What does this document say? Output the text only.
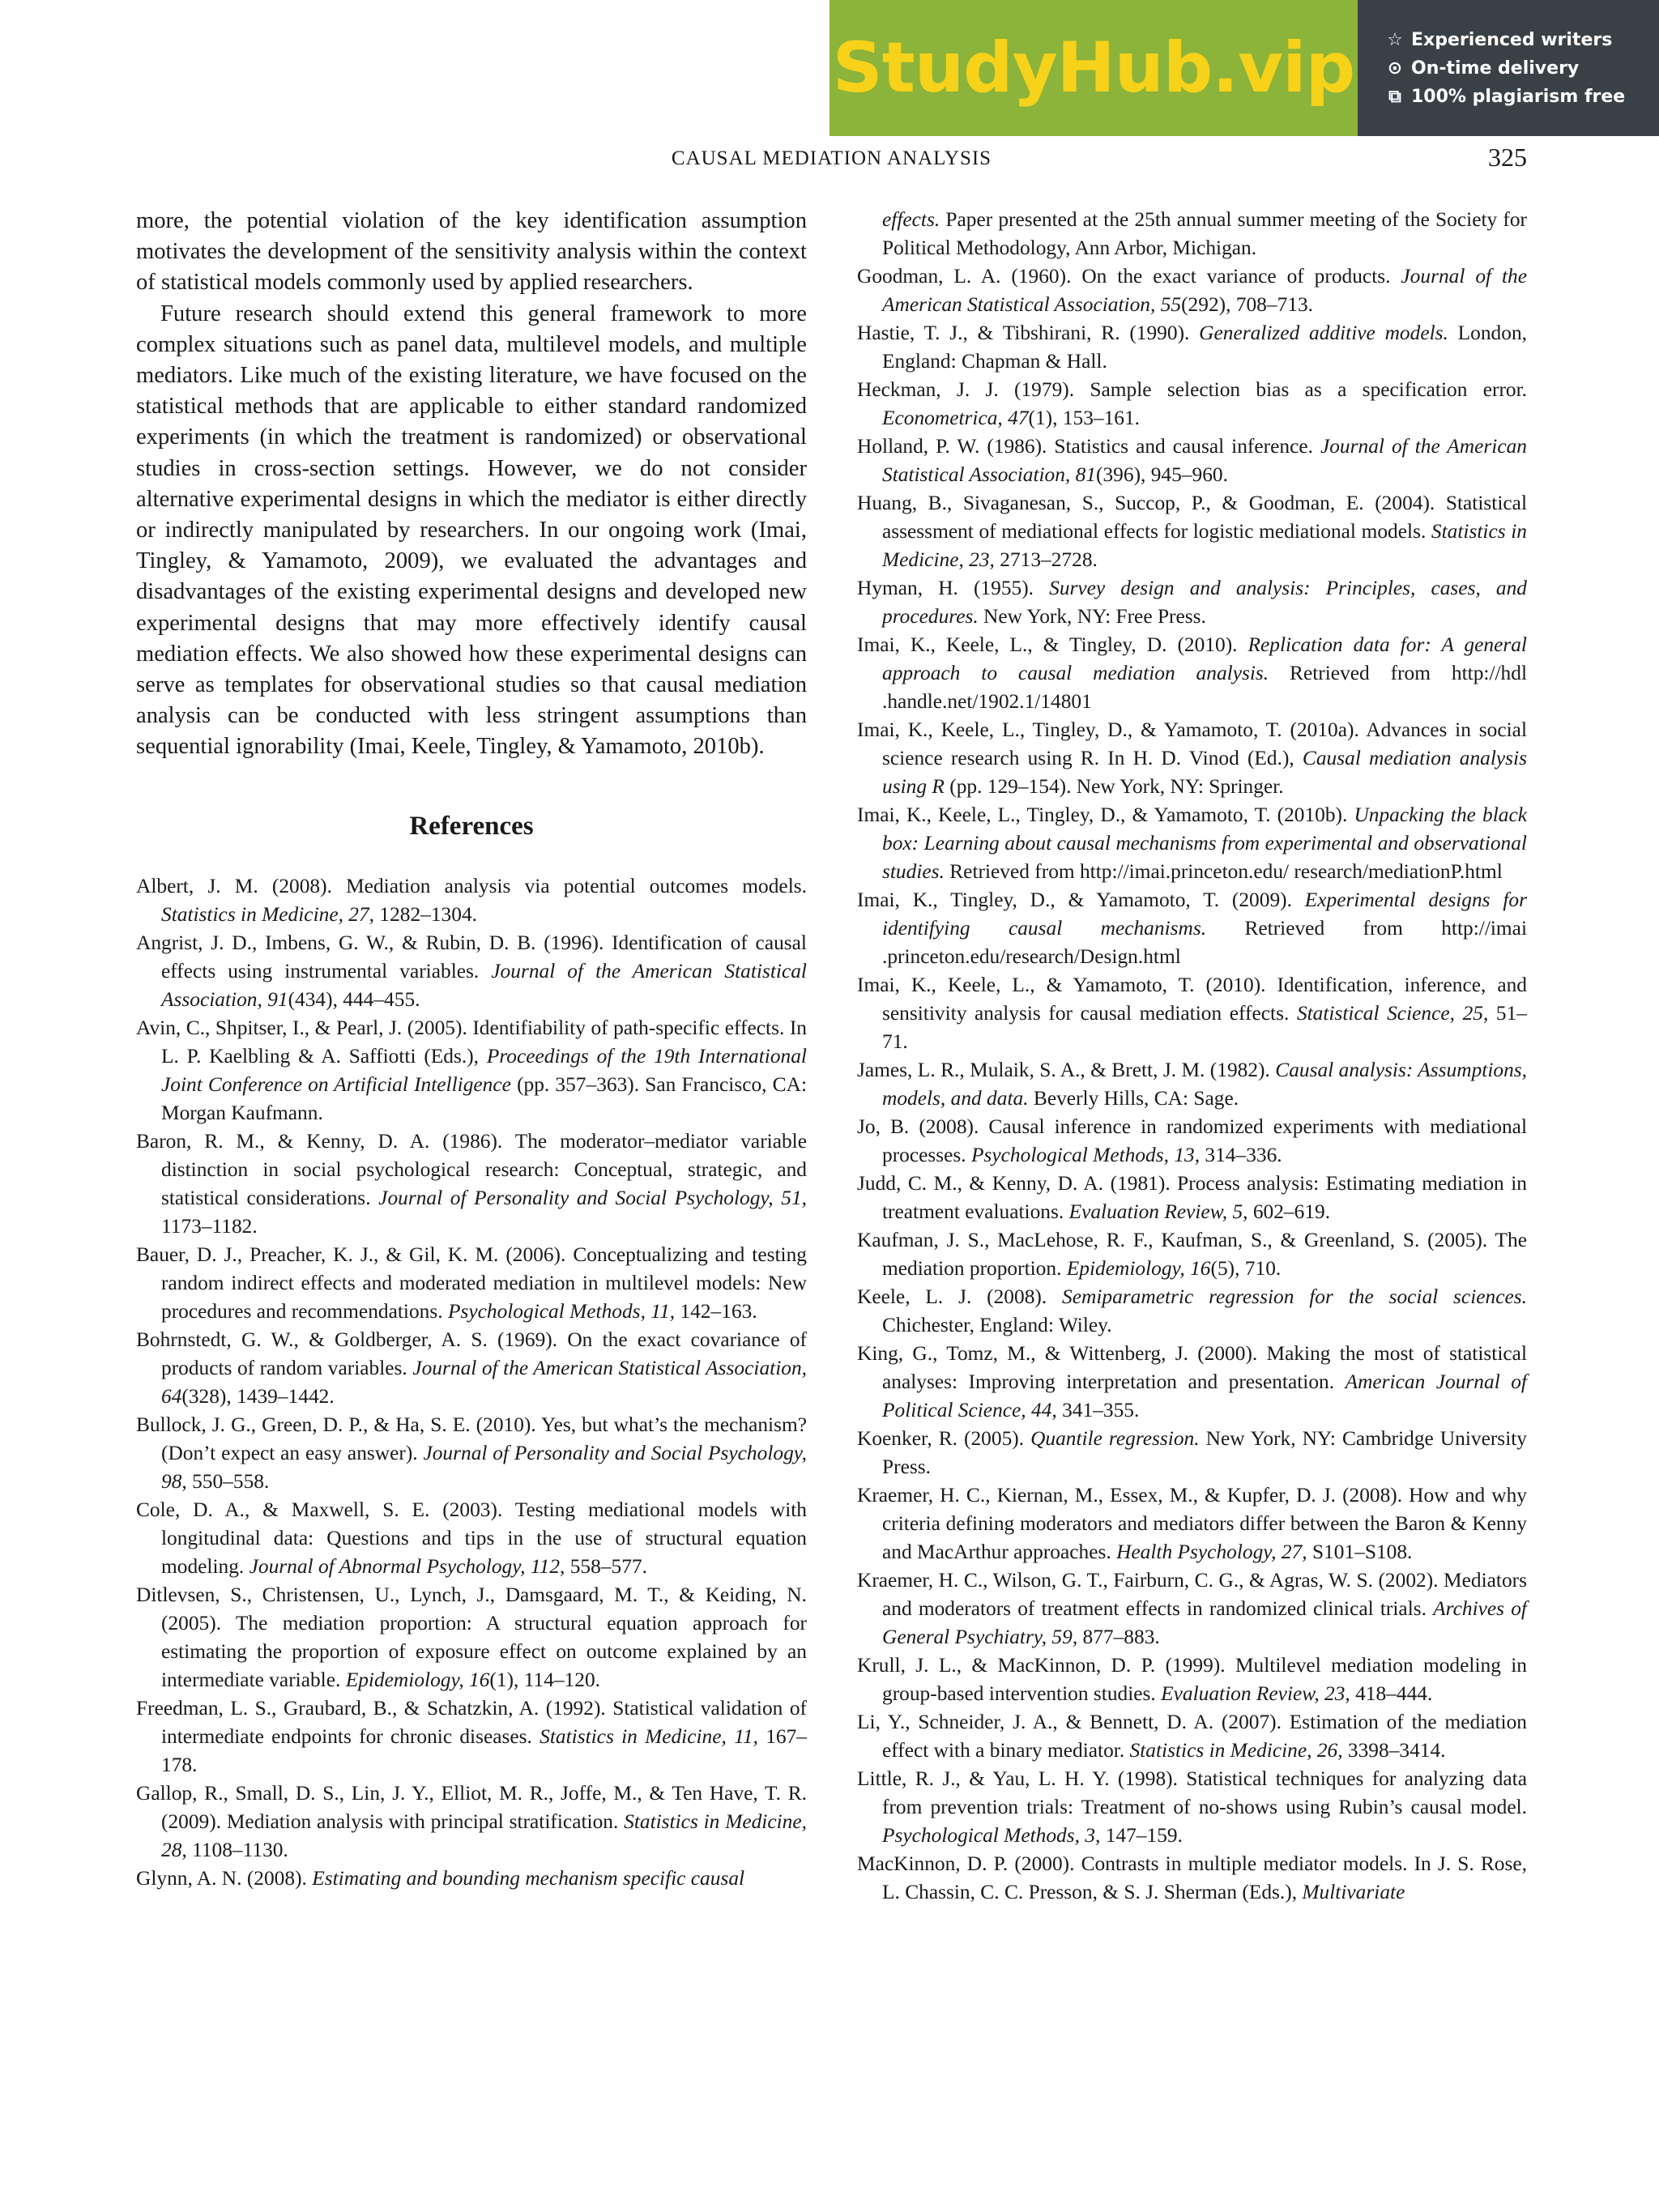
StudyHub.vip ☆ Experienced writers
⊙ On-time delivery
⧉ 100% plagiarism free
CAUSAL MEDIATION ANALYSIS	325

more, the potential violation of the key identification assumption motivates the development of the sensitivity analysis within the context of statistical models commonly used by applied researchers.

Future research should extend this general framework to more complex situations such as panel data, multilevel models, and multiple mediators. Like much of the existing literature, we have focused on the statistical methods that are applicable to either standard randomized experiments (in which the treatment is randomized) or observational studies in cross-section settings. However, we do not consider alternative experimental designs in which the mediator is either directly or indirectly manipulated by researchers. In our ongoing work (Imai, Tingley, & Yamamoto, 2009), we evaluated the advantages and disadvantages of the existing experimental designs and developed new experimental designs that may more effectively identify causal mediation effects. We also showed how these experimental designs can serve as templates for observational studies so that causal mediation analysis can be conducted with less stringent assumptions than sequential ignorability (Imai, Keele, Tingley, & Yamamoto, 2010b).

References

Albert, J. M. (2008). Mediation analysis via potential outcomes models. Statistics in Medicine, 27, 1282–1304.

Angrist, J. D., Imbens, G. W., & Rubin, D. B. (1996). Identification of causal effects using instrumental variables. Journal of the American Statistical Association, 91(434), 444–455.

Avin, C., Shpitser, I., & Pearl, J. (2005). Identifiability of path-specific effects. In L. P. Kaelbling & A. Saffiotti (Eds.), Proceedings of the 19th International Joint Conference on Artificial Intelligence (pp. 357–363). San Francisco, CA: Morgan Kaufmann.

Baron, R. M., & Kenny, D. A. (1986). The moderator–mediator variable distinction in social psychological research: Conceptual, strategic, and statistical considerations. Journal of Personality and Social Psychology, 51, 1173–1182.

Bauer, D. J., Preacher, K. J., & Gil, K. M. (2006). Conceptualizing and testing random indirect effects and moderated mediation in multilevel models: New procedures and recommendations. Psychological Methods, 11, 142–163.

Bohrnstedt, G. W., & Goldberger, A. S. (1969). On the exact covariance of products of random variables. Journal of the American Statistical Association, 64(328), 1439–1442.

Bullock, J. G., Green, D. P., & Ha, S. E. (2010). Yes, but what’s the mechanism? (Don’t expect an easy answer). Journal of Personality and Social Psychology, 98, 550–558.

Cole, D. A., & Maxwell, S. E. (2003). Testing mediational models with longitudinal data: Questions and tips in the use of structural equation modeling. Journal of Abnormal Psychology, 112, 558–577.

Ditlevsen, S., Christensen, U., Lynch, J., Damsgaard, M. T., & Keiding, N. (2005). The mediation proportion: A structural equation approach for estimating the proportion of exposure effect on outcome explained by an intermediate variable. Epidemiology, 16(1), 114–120.

Freedman, L. S., Graubard, B., & Schatzkin, A. (1992). Statistical validation of intermediate endpoints for chronic diseases. Statistics in Medicine, 11, 167–178.

Gallop, R., Small, D. S., Lin, J. Y., Elliot, M. R., Joffe, M., & Ten Have, T. R. (2009). Mediation analysis with principal stratification. Statistics in Medicine, 28, 1108–1130.

Glynn, A. N. (2008). Estimating and bounding mechanism specific causal

effects. Paper presented at the 25th annual summer meeting of the Society for Political Methodology, Ann Arbor, Michigan.

Goodman, L. A. (1960). On the exact variance of products. Journal of the American Statistical Association, 55(292), 708–713.

Hastie, T. J., & Tibshirani, R. (1990). Generalized additive models. London, England: Chapman & Hall.

Heckman, J. J. (1979). Sample selection bias as a specification error. Econometrica, 47(1), 153–161.

Holland, P. W. (1986). Statistics and causal inference. Journal of the American Statistical Association, 81(396), 945–960.

Huang, B., Sivaganesan, S., Succop, P., & Goodman, E. (2004). Statistical assessment of mediational effects for logistic mediational models. Statistics in Medicine, 23, 2713–2728.

Hyman, H. (1955). Survey design and analysis: Principles, cases, and procedures. New York, NY: Free Press.

Imai, K., Keele, L., & Tingley, D. (2010). Replication data for: A general approach to causal mediation analysis. Retrieved from http://hdl .handle.net/1902.1/14801

Imai, K., Keele, L., Tingley, D., & Yamamoto, T. (2010a). Advances in social science research using R. In H. D. Vinod (Ed.), Causal mediation analysis using R (pp. 129–154). New York, NY: Springer.

Imai, K., Keele, L., Tingley, D., & Yamamoto, T. (2010b). Unpacking the black box: Learning about causal mechanisms from experimental and observational studies. Retrieved from http://imai.princeton.edu/ research/mediationP.html

Imai, K., Tingley, D., & Yamamoto, T. (2009). Experimental designs for identifying causal mechanisms. Retrieved from http://imai .princeton.edu/research/Design.html

Imai, K., Keele, L., & Yamamoto, T. (2010). Identification, inference, and sensitivity analysis for causal mediation effects. Statistical Science, 25, 51–71.

James, L. R., Mulaik, S. A., & Brett, J. M. (1982). Causal analysis: Assumptions, models, and data. Beverly Hills, CA: Sage.

Jo, B. (2008). Causal inference in randomized experiments with mediational processes. Psychological Methods, 13, 314–336.

Judd, C. M., & Kenny, D. A. (1981). Process analysis: Estimating mediation in treatment evaluations. Evaluation Review, 5, 602–619.

Kaufman, J. S., MacLehose, R. F., Kaufman, S., & Greenland, S. (2005). The mediation proportion. Epidemiology, 16(5), 710.

Keele, L. J. (2008). Semiparametric regression for the social sciences. Chichester, England: Wiley.

King, G., Tomz, M., & Wittenberg, J. (2000). Making the most of statistical analyses: Improving interpretation and presentation. American Journal of Political Science, 44, 341–355.

Koenker, R. (2005). Quantile regression. New York, NY: Cambridge University Press.

Kraemer, H. C., Kiernan, M., Essex, M., & Kupfer, D. J. (2008). How and why criteria defining moderators and mediators differ between the Baron & Kenny and MacArthur approaches. Health Psychology, 27, S101–S108.

Kraemer, H. C., Wilson, G. T., Fairburn, C. G., & Agras, W. S. (2002). Mediators and moderators of treatment effects in randomized clinical trials. Archives of General Psychiatry, 59, 877–883.

Krull, J. L., & MacKinnon, D. P. (1999). Multilevel mediation modeling in group-based intervention studies. Evaluation Review, 23, 418–444.

Li, Y., Schneider, J. A., & Bennett, D. A. (2007). Estimation of the mediation effect with a binary mediator. Statistics in Medicine, 26, 3398–3414.

Little, R. J., & Yau, L. H. Y. (1998). Statistical techniques for analyzing data from prevention trials: Treatment of no-shows using Rubin’s causal model. Psychological Methods, 3, 147–159.

MacKinnon, D. P. (2000). Contrasts in multiple mediator models. In J. S. Rose, L. Chassin, C. C. Presson, & S. J. Sherman (Eds.), Multivariate
